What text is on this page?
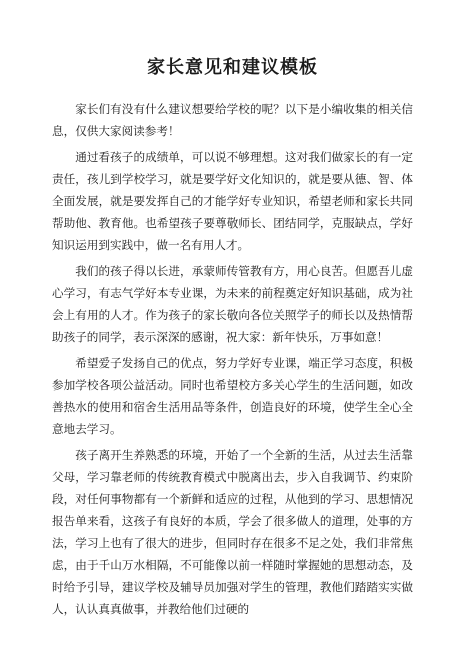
家长意见和建议模板

家长们有没有什么建议想要给学校的呢？以下是小编收集的相关信息，仅供大家阅读参考！

通过看孩子的成绩单，可以说不够理想。这对我们做家长的有一定责任，孩儿到学校学习，就是要学好文化知识的，就是要从德、智、体全面发展，就是要发挥自己的才能学好专业知识，希望老师和家长共同帮助他、教育他。也希望孩子要尊敬师长、团结同学，克服缺点，学好知识运用到实践中，做一名有用人才。

我们的孩子得以长进，承蒙师传管教有方，用心良苦。但愿吾儿虚心学习，有志气学好本专业课，为未来的前程奠定好知识基础，成为社会上有用的人才。作为孩子的家长敬向各位关照学子的师长以及热情帮助孩子的同学，表示深深的感谢，祝大家：新年快乐，万事如意！

希望爱子发扬自己的优点，努力学好专业课，端正学习态度，积极参加学校各项公益活动。同时也希望校方多关心学生的生活问题，如改善热水的使用和宿舍生活用品等条件，创造良好的环境，使学生全心全意地去学习。

孩子离开生养熟悉的环境，开始了一个全新的生活，从过去生活靠父母，学习靠老师的传统教育模式中脱离出去，步入自我调节、约束阶段，对任何事物都有一个新鲜和适应的过程，从他到的学习、思想情况报告单来看，这孩子有良好的本质，学会了很多做人的道理，处事的方法，学习上也有了很大的进步，但同时存在很多不足之处，我们非常焦虑，由于千山万水相隔，不可能像以前一样随时掌握她的思想动态，及时给予引导，建议学校及辅导员加强对学生的管理，教他们踏踏实实做人，认认真真做事，并教给他们过硬的
